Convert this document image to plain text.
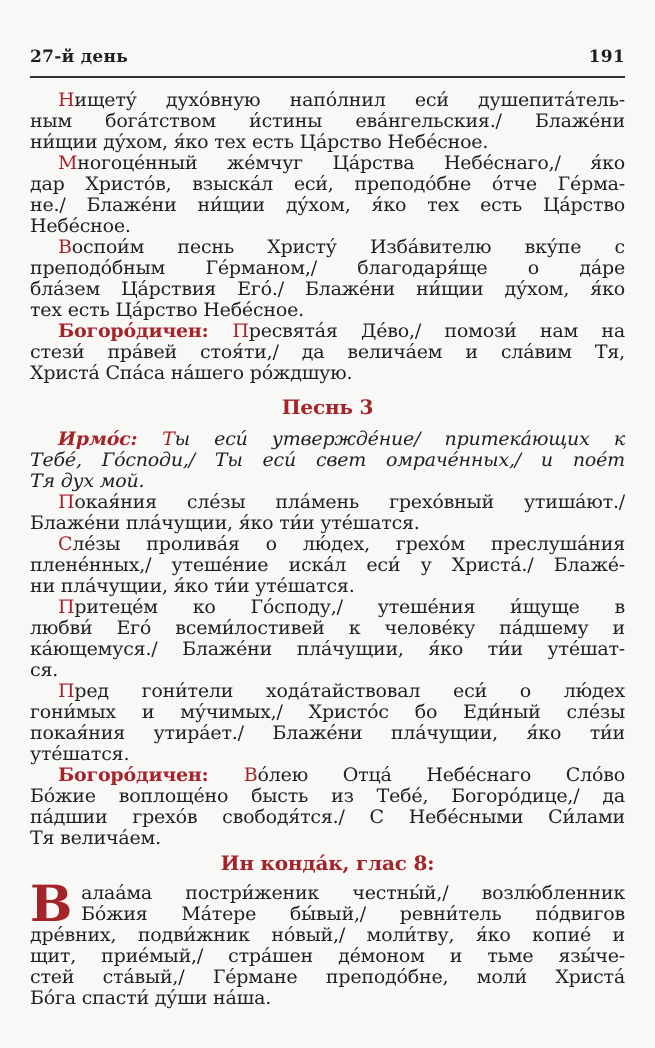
27-й день	191
Нищету́ духо́вную напо́лнил еси́ душепита́тель-
ным бога́тством и́стины ева́нгельския./ Блаже́ни
ни́щии ду́хом, я́ко тех есть Ца́рство Небе́сное.
Многоце́нный же́мчуг Ца́рства Небе́снаго,/ я́ко
дар Христо́в, взыска́л еси́, преподо́бне о́тче Ге́рма-
не./ Блаже́ни ни́щии ду́хом, я́ко тех есть Ца́рство
Небе́сное.
Воспои́м песнь Христу́ Изба́вителю вку́пе с
преподо́бным Ге́рманом,/ благодаря́ще о да́ре
бла́зем Ца́рствия Его́./ Блаже́ни ни́щии ду́хом, я́ко
тех есть Ца́рство Небе́сное.
Богоро́дичен: Пресвята́я Де́во,/ помози́ нам на
стези́ пра́вей стоя́ти,/ да велича́ем и сла́вим Тя,
Христа́ Спа́са на́шего ро́ждшую.
Песнь 3
Ирмо́с: Ты еси́ утвержде́ние/ притека́ющих к
Тебе́, Го́споди,/ Ты еси́ свет омраче́нных,/ и пое́т
Тя дух мой.
Покая́ния сле́зы пла́мень грехо́вный утиша́ют./
Блаже́ни пла́чущии, я́ко ти́и уте́шатся.
Сле́зы пролива́я о лю́дех, грехо́м преслуша́ния
плене́нных,/ утеше́ние иска́л еси́ у Христа́./ Блаже́-
ни пла́чущии, я́ко ти́и уте́шатся.
Притеце́м ко Го́споду,/ утеше́ния и́щуще в
любви́ Его́ всеми́лостивей к челове́ку па́дшему и
ка́ющемуся./ Блаже́ни пла́чущии, я́ко ти́и уте́шат-
ся.
Пред гони́тели хода́тайствовал еси́ о лю́дех
гони́мых и му́чимых,/ Христо́с бо Еди́ный сле́зы
покая́ния утира́ет./ Блаже́ни пла́чущии, я́ко ти́и
уте́шатся.
Богоро́дичен: Во́лею Отца́ Небе́снаго Сло́во
Бо́жие воплоще́но бысть из Тебе́, Богоро́дице,/ да
па́дшии грехо́в свободя́тся./ С Небе́сными Си́лами
Тя велича́ем.
Ин конда́к, глас 8:
В алаа́ма постри́женик честны́й,/ возлю́бленник
Бо́жия Ма́тере бы́вый,/ ревни́тель по́двигов
дре́вних, подви́жник но́вый,/ моли́тву, я́ко копие́ и
щит, прие́мый,/ стра́шен де́моном и тьме язы́че-
стей ста́вый,/ Ге́рмане преподо́бне, моли́ Христа́
Бо́га спасти́ ду́ши на́ша.
